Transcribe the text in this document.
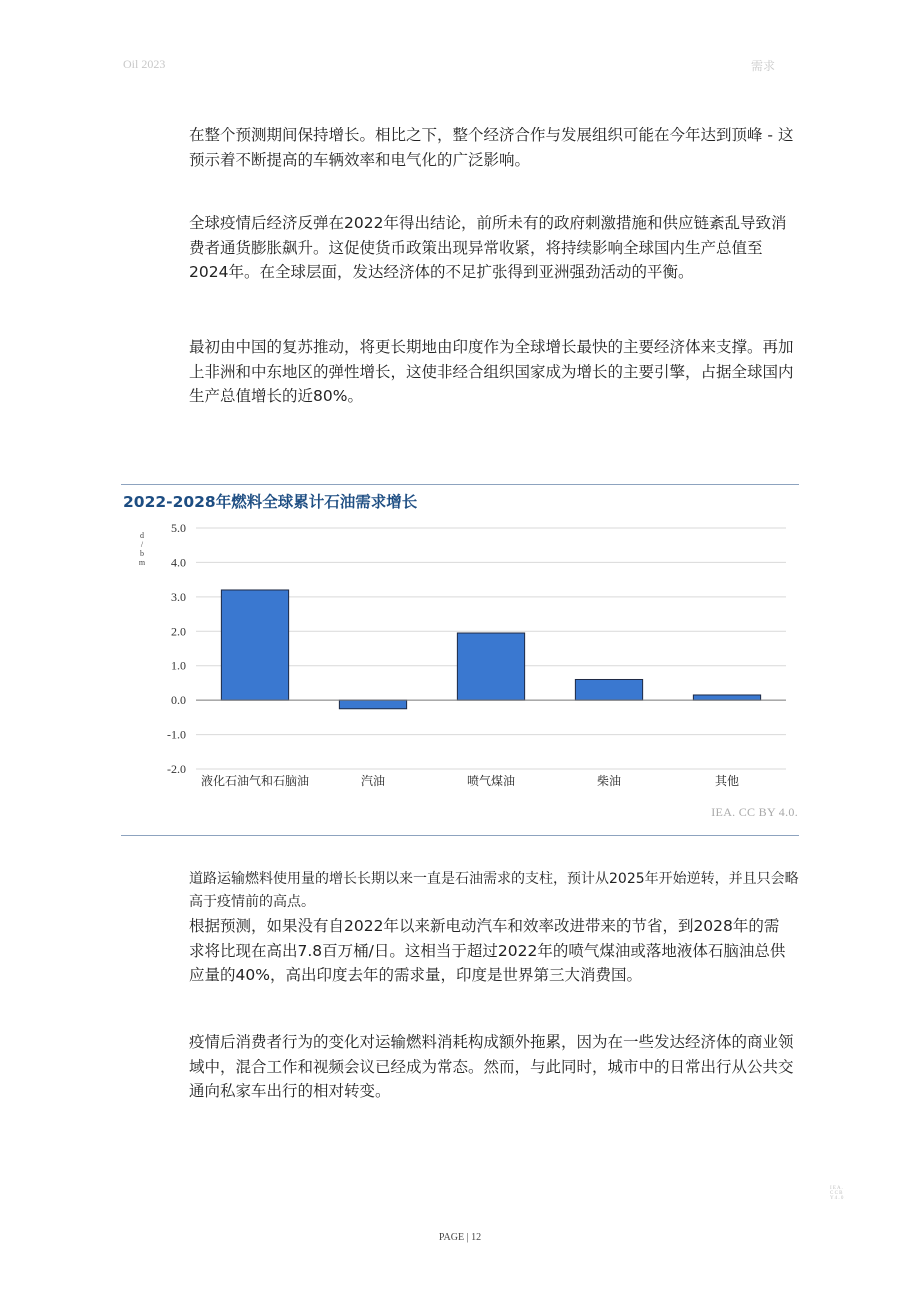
Oil 2023	需求

在整个预测期间保持增长。相比之下，整个经济合作与发展组织可能在今年达到顶峰 - 这预示着不断提高的车辆效率和电气化的广泛影响。

全球疫情后经济反弹在2022年得出结论，前所未有的政府刺激措施和供应链紊乱导致消费者通货膨胀飙升。这促使货币政策出现异常收紧，将持续影响全球国内生产总值至2024年。在全球层面，发达经济体的不足扩张得到亚洲强劲活动的平衡。

最初由中国的复苏推动，将更长期地由印度作为全球增长最快的主要经济体来支撑。再加上非洲和中东地区的弹性增长，这使非经合组织国家成为增长的主要引擎，占据全球国内生产总值增长的近80%。

2022-2028年燃料全球累计石油需求增长
-2.0
-1.0
0.0
1.0
2.0
3.0
4.0
5.0
d
/
b
m
液化石油气和石脑油	汽油	喷气煤油	柴油	其他
IEA. CC BY 4.0.

道路运输燃料使用量的增长长期以来一直是石油需求的支柱，预计从2025年开始逆转，并且只会略高于疫情前的高点。

根据预测，如果没有自2022年以来新电动汽车和效率改进带来的节省，到2028年的需求将比现在高出7.8百万桶/日。这相当于超过2022年的喷气煤油或落地液体石脑油总供应量的40%，高出印度去年的需求量，印度是世界第三大消费国。

疫情后消费者行为的变化对运输燃料消耗构成额外拖累，因为在一些发达经济体的商业领域中，混合工作和视频会议已经成为常态。然而，与此同时，城市中的日常出行从公共交通向私家车出行的相对转变。

PAGE | 12
I E A . C C B Y 4 . 0
